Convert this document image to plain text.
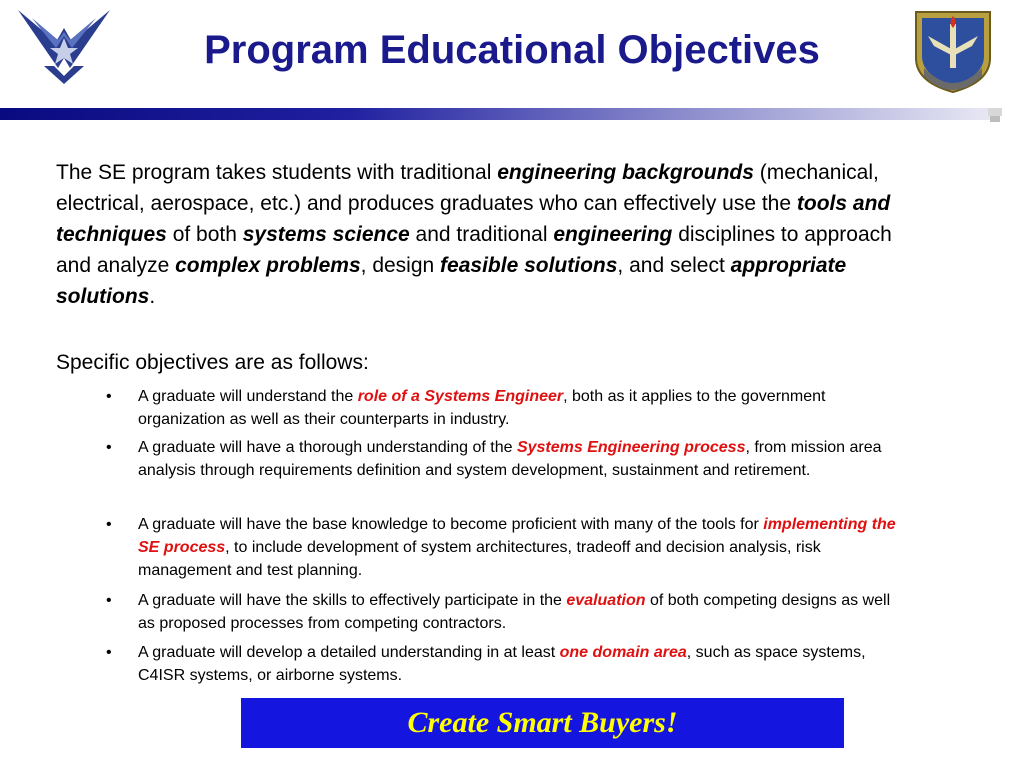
Program Educational Objectives
The SE program takes students with traditional engineering backgrounds (mechanical, electrical, aerospace, etc.) and produces graduates who can effectively use the tools and techniques of both systems science and traditional engineering disciplines to approach and analyze complex problems, design feasible solutions, and select appropriate solutions.
Specific objectives are as follows:
• A graduate will understand the role of a Systems Engineer, both as it applies to the government organization as well as their counterparts in industry.
• A graduate will have a thorough understanding of the Systems Engineering process, from mission area analysis through requirements definition and system development, sustainment and retirement.
• A graduate will have the base knowledge to become proficient with many of the tools for implementing the SE process, to include development of system architectures, tradeoff and decision analysis, risk management and test planning.
• A graduate will have the skills to effectively participate in the evaluation of both competing designs as well as proposed processes from competing contractors.
• A graduate will develop a detailed understanding in at least one domain area, such as space systems, C4ISR systems, or airborne systems.
Create Smart Buyers!
